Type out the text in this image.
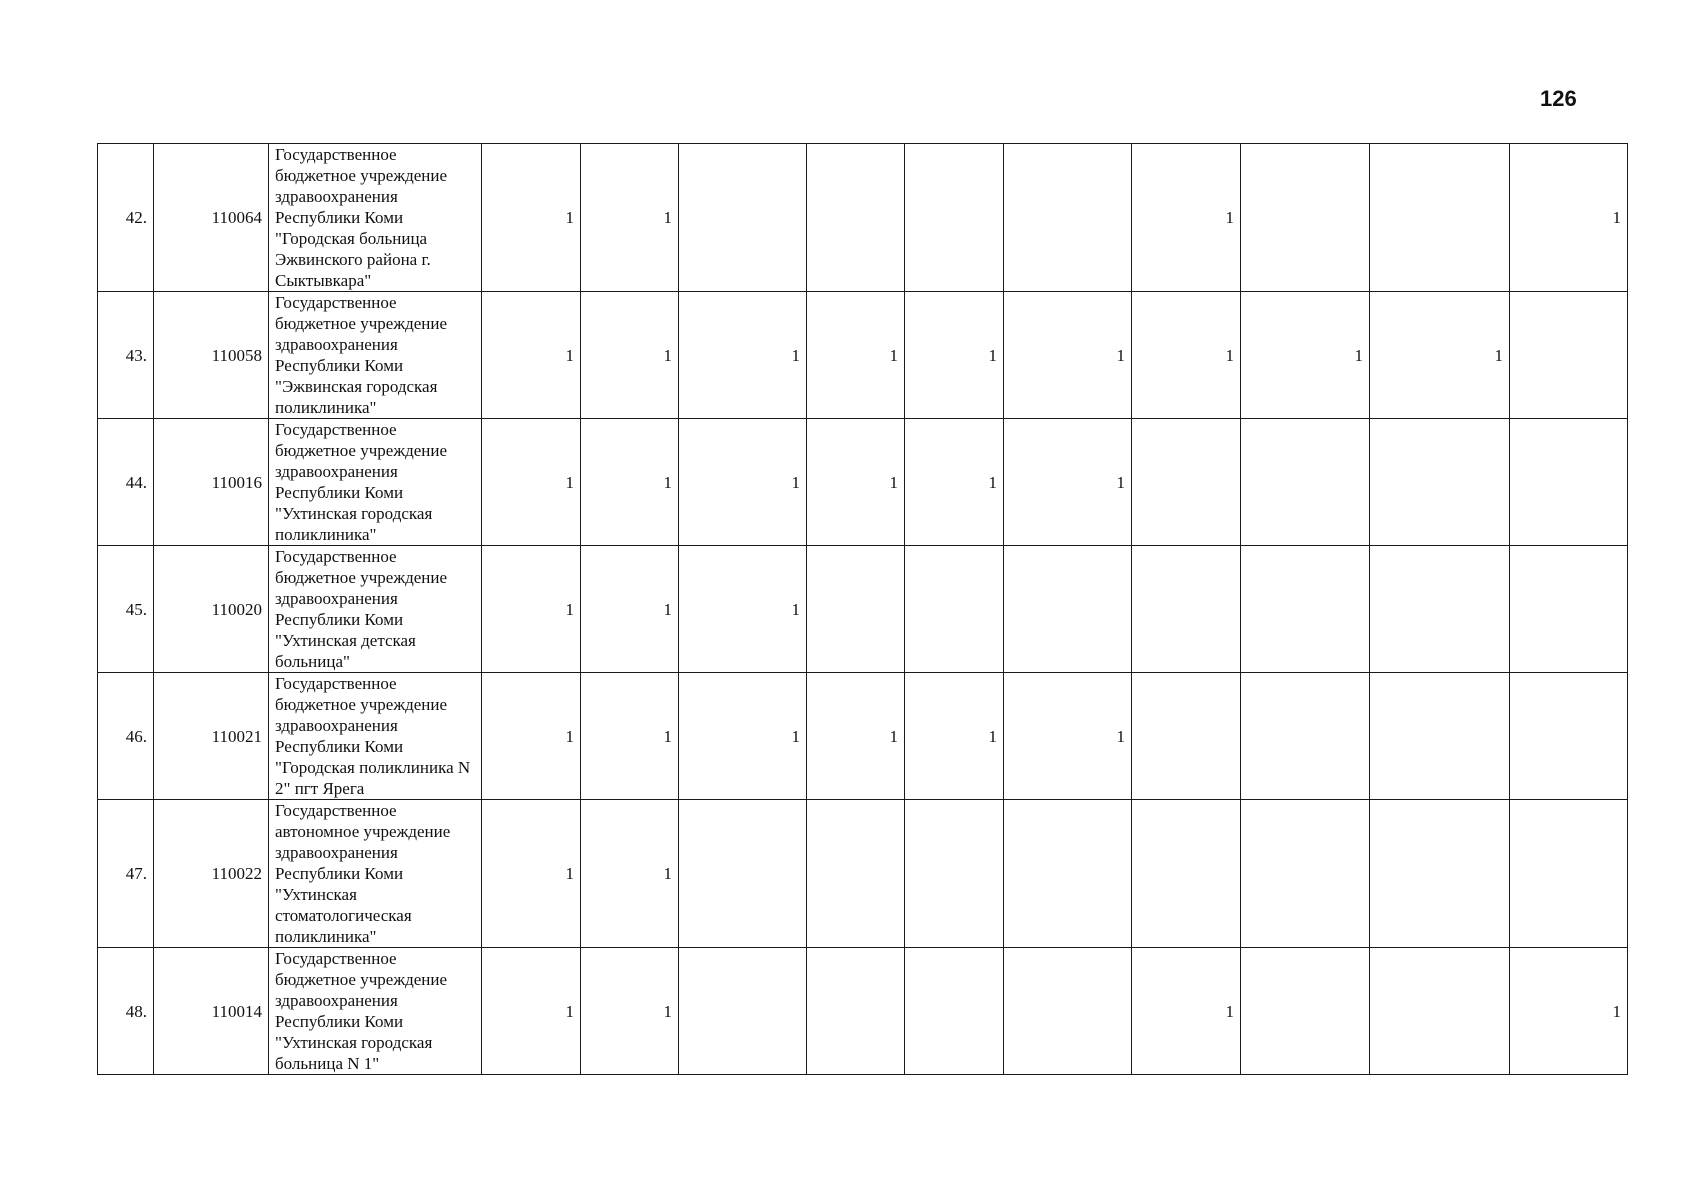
126
42.	110064	Государственное бюджетное учреждение здравоохранения Республики Коми "Городская больница Эжвинского района г. Сыктывкара"	1	1					1			1
43.	110058	Государственное бюджетное учреждение здравоохранения Республики Коми "Эжвинская городская поликлиника"	1	1	1	1	1	1	1	1	1	
44.	110016	Государственное бюджетное учреждение здравоохранения Республики Коми "Ухтинская городская поликлиника"	1	1	1	1	1	1				
45.	110020	Государственное бюджетное учреждение здравоохранения Республики Коми "Ухтинская детская больница"	1	1	1							
46.	110021	Государственное бюджетное учреждение здравоохранения Республики Коми "Городская поликлиника N 2" пгт Ярега	1	1	1	1	1	1				
47.	110022	Государственное автономное учреждение здравоохранения Республики Коми "Ухтинская стоматологическая поликлиника"	1	1								
48.	110014	Государственное бюджетное учреждение здравоохранения Республики Коми "Ухтинская городская больница N 1"	1	1					1			1
